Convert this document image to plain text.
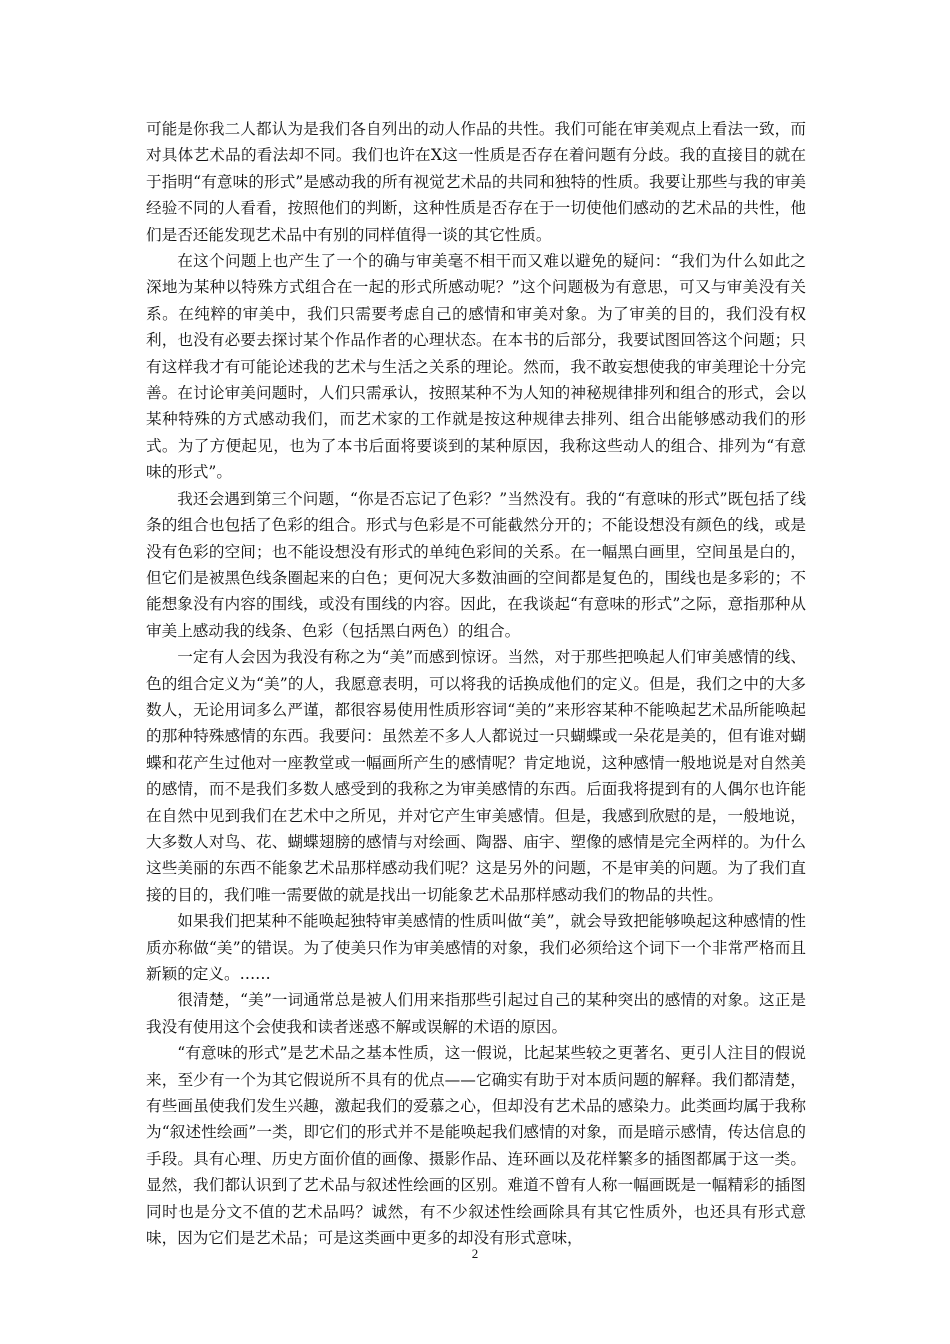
可能是你我二人都认为是我们各自列出的动人作品的共性。我们可能在审美观点上看法一致，而对具体艺术品的看法却不同。我们也许在Ⅹ这一性质是否存在着问题有分歧。我的直接目的就在于指明“有意味的形式”是感动我的所有视觉艺术品的共同和独特的性质。我要让那些与我的审美经验不同的人看看，按照他们的判断，这种性质是否存在于一切使他们感动的艺术品的共性，他们是否还能发现艺术品中有别的同样值得一谈的其它性质。

在这个问题上也产生了一个的确与审美毫不相干而又难以避免的疑问：“我们为什么如此之深地为某种以特殊方式组合在一起的形式所感动呢？”这个问题极为有意思，可又与审美没有关系。在纯粹的审美中，我们只需要考虑自己的感情和审美对象。为了审美的目的，我们没有权利，也没有必要去探讨某个作品作者的心理状态。在本书的后部分，我要试图回答这个问题；只有这样我才有可能论述我的艺术与生活之关系的理论。然而，我不敢妄想使我的审美理论十分完善。在讨论审美问题时，人们只需承认，按照某种不为人知的神秘规律排列和组合的形式，会以某种特殊的方式感动我们，而艺术家的工作就是按这种规律去排列、组合出能够感动我们的形式。为了方便起见，也为了本书后面将要谈到的某种原因，我称这些动人的组合、排列为“有意味的形式”。

我还会遇到第三个问题，“你是否忘记了色彩？”当然没有。我的“有意味的形式”既包括了线条的组合也包括了色彩的组合。形式与色彩是不可能截然分开的；不能设想没有颜色的线，或是没有色彩的空间；也不能设想没有形式的单纯色彩间的关系。在一幅黑白画里，空间虽是白的，但它们是被黑色线条圈起来的白色；更何况大多数油画的空间都是复色的，围线也是多彩的；不能想象没有内容的围线，或没有围线的内容。因此，在我谈起“有意味的形式”之际，意指那种从审美上感动我的线条、色彩（包括黑白两色）的组合。

一定有人会因为我没有称之为“美”而感到惊讶。当然，对于那些把唤起人们审美感情的线、色的组合定义为“美”的人，我愿意表明，可以将我的话换成他们的定义。但是，我们之中的大多数人，无论用词多么严谨，都很容易使用性质形容词“美的”来形容某种不能唤起艺术品所能唤起的那种特殊感情的东西。我要问：虽然差不多人人都说过一只蝴蝶或一朵花是美的，但有谁对蝴蝶和花产生过他对一座教堂或一幅画所产生的感情呢？肯定地说，这种感情一般地说是对自然美的感情，而不是我们多数人感受到的我称之为审美感情的东西。后面我将提到有的人偶尔也许能在自然中见到我们在艺术中之所见，并对它产生审美感情。但是，我感到欣慰的是，一般地说，大多数人对鸟、花、蝴蝶翅膀的感情与对绘画、陶器、庙宇、塑像的感情是完全两样的。为什么这些美丽的东西不能象艺术品那样感动我们呢？这是另外的问题，不是审美的问题。为了我们直接的目的，我们唯一需要做的就是找出一切能象艺术品那样感动我们的物品的共性。

如果我们把某种不能唤起独特审美感情的性质叫做“美”，就会导致把能够唤起这种感情的性质亦称做“美”的错误。为了使美只作为审美感情的对象，我们必须给这个词下一个非常严格而且新颖的定义。……

很清楚，“美”一词通常总是被人们用来指那些引起过自己的某种突出的感情的对象。这正是我没有使用这个会使我和读者迷惑不解或误解的术语的原因。

“有意味的形式”是艺术品之基本性质，这一假说，比起某些较之更著名、更引人注目的假说来，至少有一个为其它假说所不具有的优点——它确实有助于对本质问题的解释。我们都清楚，有些画虽使我们发生兴趣，激起我们的爱慕之心，但却没有艺术品的感染力。此类画均属于我称为“叙述性绘画”一类，即它们的形式并不是能唤起我们感情的对象，而是暗示感情，传达信息的手段。具有心理、历史方面价值的画像、摄影作品、连环画以及花样繁多的插图都属于这一类。显然，我们都认识到了艺术品与叙述性绘画的区别。难道不曾有人称一幅画既是一幅精彩的插图同时也是分文不值的艺术品吗？诚然，有不少叙述性绘画除具有其它性质外，也还具有形式意味，因为它们是艺术品；可是这类画中更多的却没有形式意味，

2
